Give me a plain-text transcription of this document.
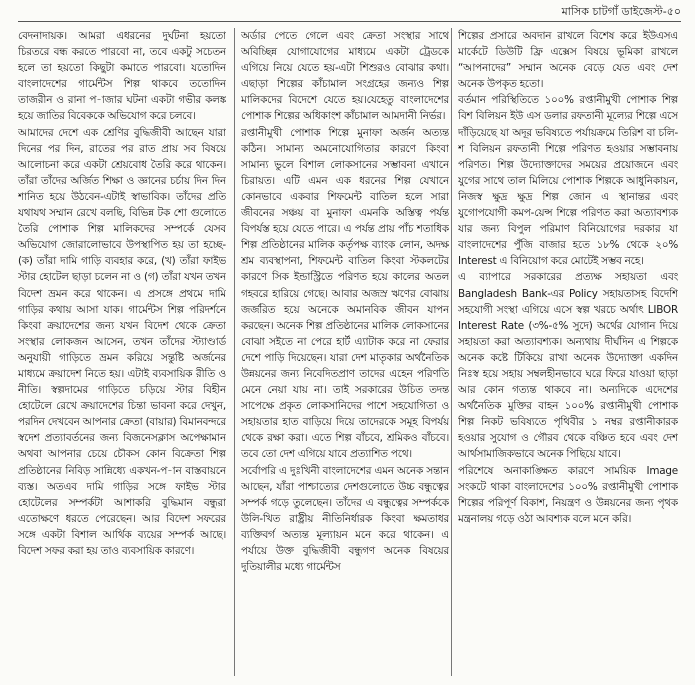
মাসিক চাটগাঁ ডাইজেস্ট-৫০

বেদনাদায়ক। আমরা এধরনের দুর্ঘটনা হয়তো চিরতরে বন্ধ করতে পারবো না, তবে একটু সচেতন হলে তা হয়তো কিছুটা কমাতে পারবো। যতোদিন বাংলাদেশের গার্মেন্টস শিল্প থাকবে ততোদিন তাজরীন ও রানা প-াজার ঘটনা একটা গভীর কলঙ্ক হয়ে জাতির বিবেককে অভিযোগ করে চলবে।

আমাদের দেশে এক শ্রেণির বুদ্ধিজীবী আছেন যারা দিনের পর দিন, রাতের পর রাত প্রায় সব বিষয়ে আলোচনা করে একটা শ্রেয়বোধ তৈরি করে থাকেন। তাঁরা তাঁদের অর্জিত শিক্ষা ও জ্ঞানের চর্চায় দিন দিন শানিত হয়ে উঠবেন-এটাই স্বাভাবিক। তাঁদের প্রতি যথাযথ সম্মান রেখে বলছি, বিভিন্ন টক শো গুলোতে তৈরি পোশাক শিল্প মালিকদের সম্পর্কে যেসব অভিযোগ জোরালোভাবে উপস্থাপিত হয় তা হচ্ছে-(ক) তাঁরা দামি গাড়ি ব্যবহার করে, (খ) তাঁরা ফাইভ স্টার হোটেল ছাড়া চলেন না ও (গ) তাঁরা যখন তখন বিদেশ ভ্রমন করে থাকেন। এ প্রসঙ্গে প্রথমে দামি গাড়ির কথায় আসা যাক। গার্মেন্টস শিল্প পরিদর্শনে কিংবা ক্রয়াদেশের জন্য যখন বিদেশ থেকে ক্রেতা সংস্থার লোকজন আসেন, তখন তাঁদের স্ট্যাণ্ডার্ড অনুযায়ী গাড়িতে ভ্রমন করিয়ে সন্তুষ্টি অর্জনের মাধ্যমে ক্রয়াদেশ নিতে হয়। এটাই ব্যবসায়িক রীতি ও নীতি। স্বল্পদামের গাড়িতে চড়িয়ে স্টার বিহীন হোটেলে রেখে ক্রয়াদেশের চিন্তা ভাবনা করে দেখুন, পরদিন দেখবেন আপনার ক্রেতা (বায়ার) বিমানবন্দরে স্বদেশ প্রত্যাবর্তনের জন্য বিজনেসক্লাস অপেক্ষামান অথবা আপনার চেয়ে চৌকস কোন বিক্রেতা শিল্প প্রতিষ্ঠানের নিবিড় সান্নিধ্যে একখন-প-ান বাস্তবায়নে ব্যস্ত। অতএব দামি গাড়ির সঙ্গে ফাইভ স্টার হোটেলের সম্পর্কটা আশাকরি বুদ্ধিমান বন্ধুরা এতোক্ষণে ধরতে পেরেছেন। আর বিদেশ সফরের সঙ্গে একটা বিশাল আর্থিক ব্যয়ের সম্পর্ক আছে। বিদেশ সফর করা হয় তাও ব্যবসায়িক কারণে।

অর্ডার পেতে গেলে এবং ক্রেতা সংস্থার সাথে অবিচ্ছিন্ন যোগাযোগের মাধ্যমে একটা ট্রেডকে এগিয়ে নিয়ে যেতে হয়-এটা শিশুরও বোঝার কথা। এছাড়া শিল্পের কাঁচামাল সংগ্রহের জন্যও শিল্প মালিকদের বিদেশে যেতে হয়।যেহেতু বাংলাদেশের পোশাক শিল্পের অধিকাংশ কাঁচামাল আমদানী নির্ভর।

রপ্তানীমুখী পোশাক শিল্পে মুনাফা অর্জন অত্যন্ত কঠিন। সামান্য অমনোযোগিতার কারণে কিংবা সামান্য ভুলে বিশাল লোকসানের সম্ভাবনা এখানে চিরায়ত। এটি এমন এক ধরনের শিল্প যেখানে কোনভাবে একবার শিফমেন্ট বাতিল হলে সারা জীবনের সঞ্চয় বা মুনাফা এমনকি অস্তিত্ব পর্যন্ত বিপর্যস্ত হয়ে যেতে পারে। এ পর্যন্ত প্রায় পাঁচ শতাধিক শিল্প প্রতিষ্ঠানের মালিক কর্তৃপক্ষ ব্যাংক লোন, অদক্ষ শ্রম ব্যবস্থাপনা, শিফমেন্ট বাতিল কিংবা স্টকলটের কারণে সিক ইন্ডাস্ট্রিতে পরিণত হয়ে কালের অতল গহবরে হারিয়ে গেছে। আবার অজস্র ঋণের বোঝায় জর্জরিত হয়ে অনেকে অমানবিক জীবন যাপন করছেন। অনেক শিল্প প্রতিষ্ঠানের মালিক লোকসানের বোঝা সইতে না পেরে হার্ট এ্যাটাক করে না ফেরার দেশে পাড়ি দিয়েছেন। যারা দেশ মাতৃকার অর্থনৈতিক উন্নয়নের জন্য নিবেদিতপ্রাণ তাদের এহেন পরিণতি মেনে নেয়া যায় না। তাই সরকারের উচিত তদন্ত সাপেক্ষে প্রকৃত লোকসানিদের পাশে সহযোগিতা ও সহায়তার হাত বাড়িয়ে দিয়ে তাদেরকে সমূহ বিপর্যয় থেকে রক্ষা করা। এতে শিল্প বাঁচবে, শ্রমিকও বাঁচবে। তবে তো দেশ এগিয়ে যাবে প্রত্যাশিত পথে।

সর্বোপরি এ দুঃখিনী বাংলাদেশের এমন অনেক সন্তান আছেন, যাঁরা পাশ্চাত্যের দেশগুলোতে উচ্চ বন্ধুত্বের সম্পর্ক গড়ে তুলেছেন। তাঁদের এ বন্ধুত্বের সম্পর্ককে উলি-খিত রাষ্ট্রীয় নীতিনির্ধারক কিংবা ক্ষমতাধর ব্যক্তিবর্গ অত্যন্ত মূল্যায়ন মনে করে থাকেন। এ পর্যায়ে উক্ত বুদ্ধিজীবী বন্ধুগণ অনেক বিষয়ের দুতিয়ালীর মধ্যে গার্মেন্টস

শিল্পের প্রসারে অবদান রাখলে বিশেষ করে ইউএসএ মার্কেটে ডিউটি ফ্রি এক্সেস বিষয়ে ভূমিকা রাখলে “আপনাদের” সম্মান অনেক বেড়ে যেত এবং দেশ অনেক উপকৃত হতো।

বর্তমান পরিস্থিতিতে ১০০% রপ্তানীমুখী পোশাক শিল্প বিশ বিলিয়ন ইউ এস ডলার রফতানী মূল্যের শিল্পে এসে দাঁড়িয়েছে যা অদূর ভবিষ্যতে পর্যায়ক্রমে তিরিশ বা চলি-শ বিলিয়ন রফতানী শিল্পে পরিণত হওয়ার সম্ভাবনায় পরিণত। শিল্প উদ্যোক্তাদের সময়ের প্রয়োজনে এবং যুগের সাথে তাল মিলিয়ে পোশাক শিল্পকে আধুনিকায়ন, নিজস্ব ক্ষুদ্র ক্ষুদ্র শিল্প জোন এ স্থানান্তর এবং যুগোপযোগী কমপ-য়েন্স শিল্পে পরিণত করা অত্যাবশ্যক যার জন্য বিপুল পরিমাণ বিনিয়োগের দরকার যা বাংলাদেশের পুঁজি বাজার হতে ১৮% থেকে ২০% Interest এ বিনিয়োগ করে মোটেই সম্ভব নহে।

এ ব্যাপারে সরকারের প্রত্যক্ষ সহায়তা এবং Bangladesh Bank-এর Policy সহায়তাসহ বিদেশি সহযোগী সংস্থা এগিয়ে এসে স্বল্প খরচে অর্থাৎ LIBOR Interest Rate (৩%-৫% সুদে) অর্থের যোগান দিয়ে সহায়তা করা অত্যাবশ্যক। অন্যথায় দীর্ঘদিন এ শিল্পকে অনেক কষ্টে টিকিয়ে রাখা অনেক উদ্যোক্তা একদিন নিঃস্ব হয়ে সহায় সম্বলহীনভাবে ঘরে ফিরে যাওয়া ছাড়া আর কোন গত্যন্ত থাকবে না। অন্যদিকে এদেশের অর্থনৈতিক মুক্তির বাহন ১০০% রপ্তানীমুখী পোশাক শিল্প নিকট ভবিষ্যতে পৃথিবীর ১ নম্বর রপ্তানীকারক হওয়ার সুযোগ ও গৌরব থেকে বঞ্চিত হবে এবং দেশ আর্থসামাজিকভাবে অনেক পিছিয়ে যাবে।

পরিশেষে অনাকাঙ্ক্ষিত কারণে সাময়িক Image সংকটে থাকা বাংলাদেশের ১০০% রপ্তানীমুখী পোশাক শিল্পের পরিপূর্ণ বিকাশ, নিয়ন্ত্রণ ও উন্নয়নের জন্য পৃথক মন্ত্রনালয় গড়ে ওঠা আবশ্যক বলে মনে করি।
